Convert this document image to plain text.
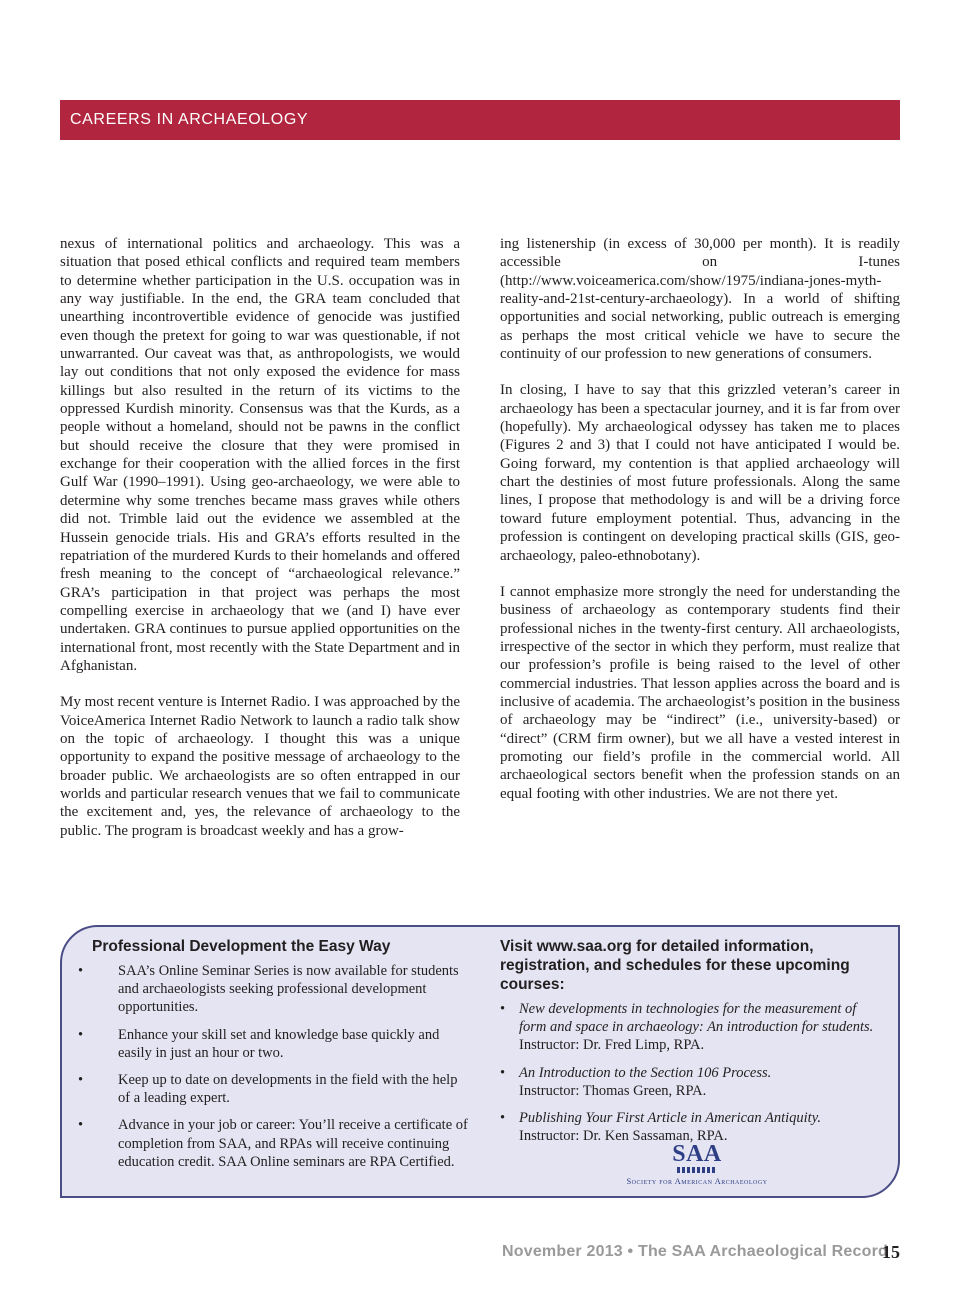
CAREERS IN ARCHAEOLOGY

nexus of international politics and archaeology. This was a situation that posed ethical conflicts and required team members to determine whether participation in the U.S. occupation was in any way justifiable. In the end, the GRA team concluded that unearthing incontrovertible evidence of genocide was justified even though the pretext for going to war was questionable, if not unwarranted. Our caveat was that, as anthropologists, we would lay out conditions that not only exposed the evidence for mass killings but also resulted in the return of its victims to the oppressed Kurdish minority. Consensus was that the Kurds, as a people without a homeland, should not be pawns in the conflict but should receive the closure that they were promised in exchange for their cooperation with the allied forces in the first Gulf War (1990–1991). Using geo-archaeology, we were able to determine why some trenches became mass graves while others did not. Trimble laid out the evidence we assembled at the Hussein genocide trials. His and GRA’s efforts resulted in the repatriation of the murdered Kurds to their homelands and offered fresh meaning to the concept of “archaeological relevance.” GRA’s participation in that project was perhaps the most compelling exercise in archaeology that we (and I) have ever undertaken. GRA continues to pursue applied opportunities on the international front, most recently with the State Department and in Afghanistan.

My most recent venture is Internet Radio. I was approached by the VoiceAmerica Internet Radio Network to launch a radio talk show on the topic of archaeology. I thought this was a unique opportunity to expand the positive message of archaeology to the broader public. We archaeologists are so often entrapped in our worlds and particular research venues that we fail to communicate the excitement and, yes, the relevance of archaeology to the public. The program is broadcast weekly and has a grow-

ing listenership (in excess of 30,000 per month). It is readily accessible on I-tunes (http://www.voiceamerica.com/show/1975/indiana-jones-myth-reality-and-21st-century-archaeology). In a world of shifting opportunities and social networking, public outreach is emerging as perhaps the most critical vehicle we have to secure the continuity of our profession to new generations of consumers.

In closing, I have to say that this grizzled veteran’s career in archaeology has been a spectacular journey, and it is far from over (hopefully). My archaeological odyssey has taken me to places (Figures 2 and 3) that I could not have anticipated I would be. Going forward, my contention is that applied archaeology will chart the destinies of most future professionals. Along the same lines, I propose that methodology is and will be a driving force toward future employment potential. Thus, advancing in the profession is contingent on developing practical skills (GIS, geo-archaeology, paleo-ethnobotany).

I cannot emphasize more strongly the need for understanding the business of archaeology as contemporary students find their professional niches in the twenty-first century. All archaeologists, irrespective of the sector in which they perform, must realize that our profession’s profile is being raised to the level of other commercial industries. That lesson applies across the board and is inclusive of academia. The archaeologist’s position in the business of archaeology may be “indirect” (i.e., university-based) or “direct” (CRM firm owner), but we all have a vested interest in promoting our field’s profile in the commercial world. All archaeological sectors benefit when the profession stands on an equal footing with other industries. We are not there yet.

Professional Development the Easy Way
• SAA’s Online Seminar Series is now available for students and archaeologists seeking professional development opportunities.
• Enhance your skill set and knowledge base quickly and easily in just an hour or two.
• Keep up to date on developments in the field with the help of a leading expert.
• Advance in your job or career: You’ll receive a certificate of completion from SAA, and RPAs will receive continuing education credit. SAA Online seminars are RPA Certified.
Visit www.saa.org for detailed information, registration, and schedules for these upcoming courses:
• New developments in technologies for the measurement of form and space in archaeology: An introduction for students.
Instructor: Dr. Fred Limp, RPA.
• An Introduction to the Section 106 Process.
Instructor: Thomas Green, RPA.
• Publishing Your First Article in American Antiquity.
Instructor: Dr. Ken Sassaman, RPA.
SAA
Society for American Archaeology
November 2013 • The SAA Archaeological Record
15
